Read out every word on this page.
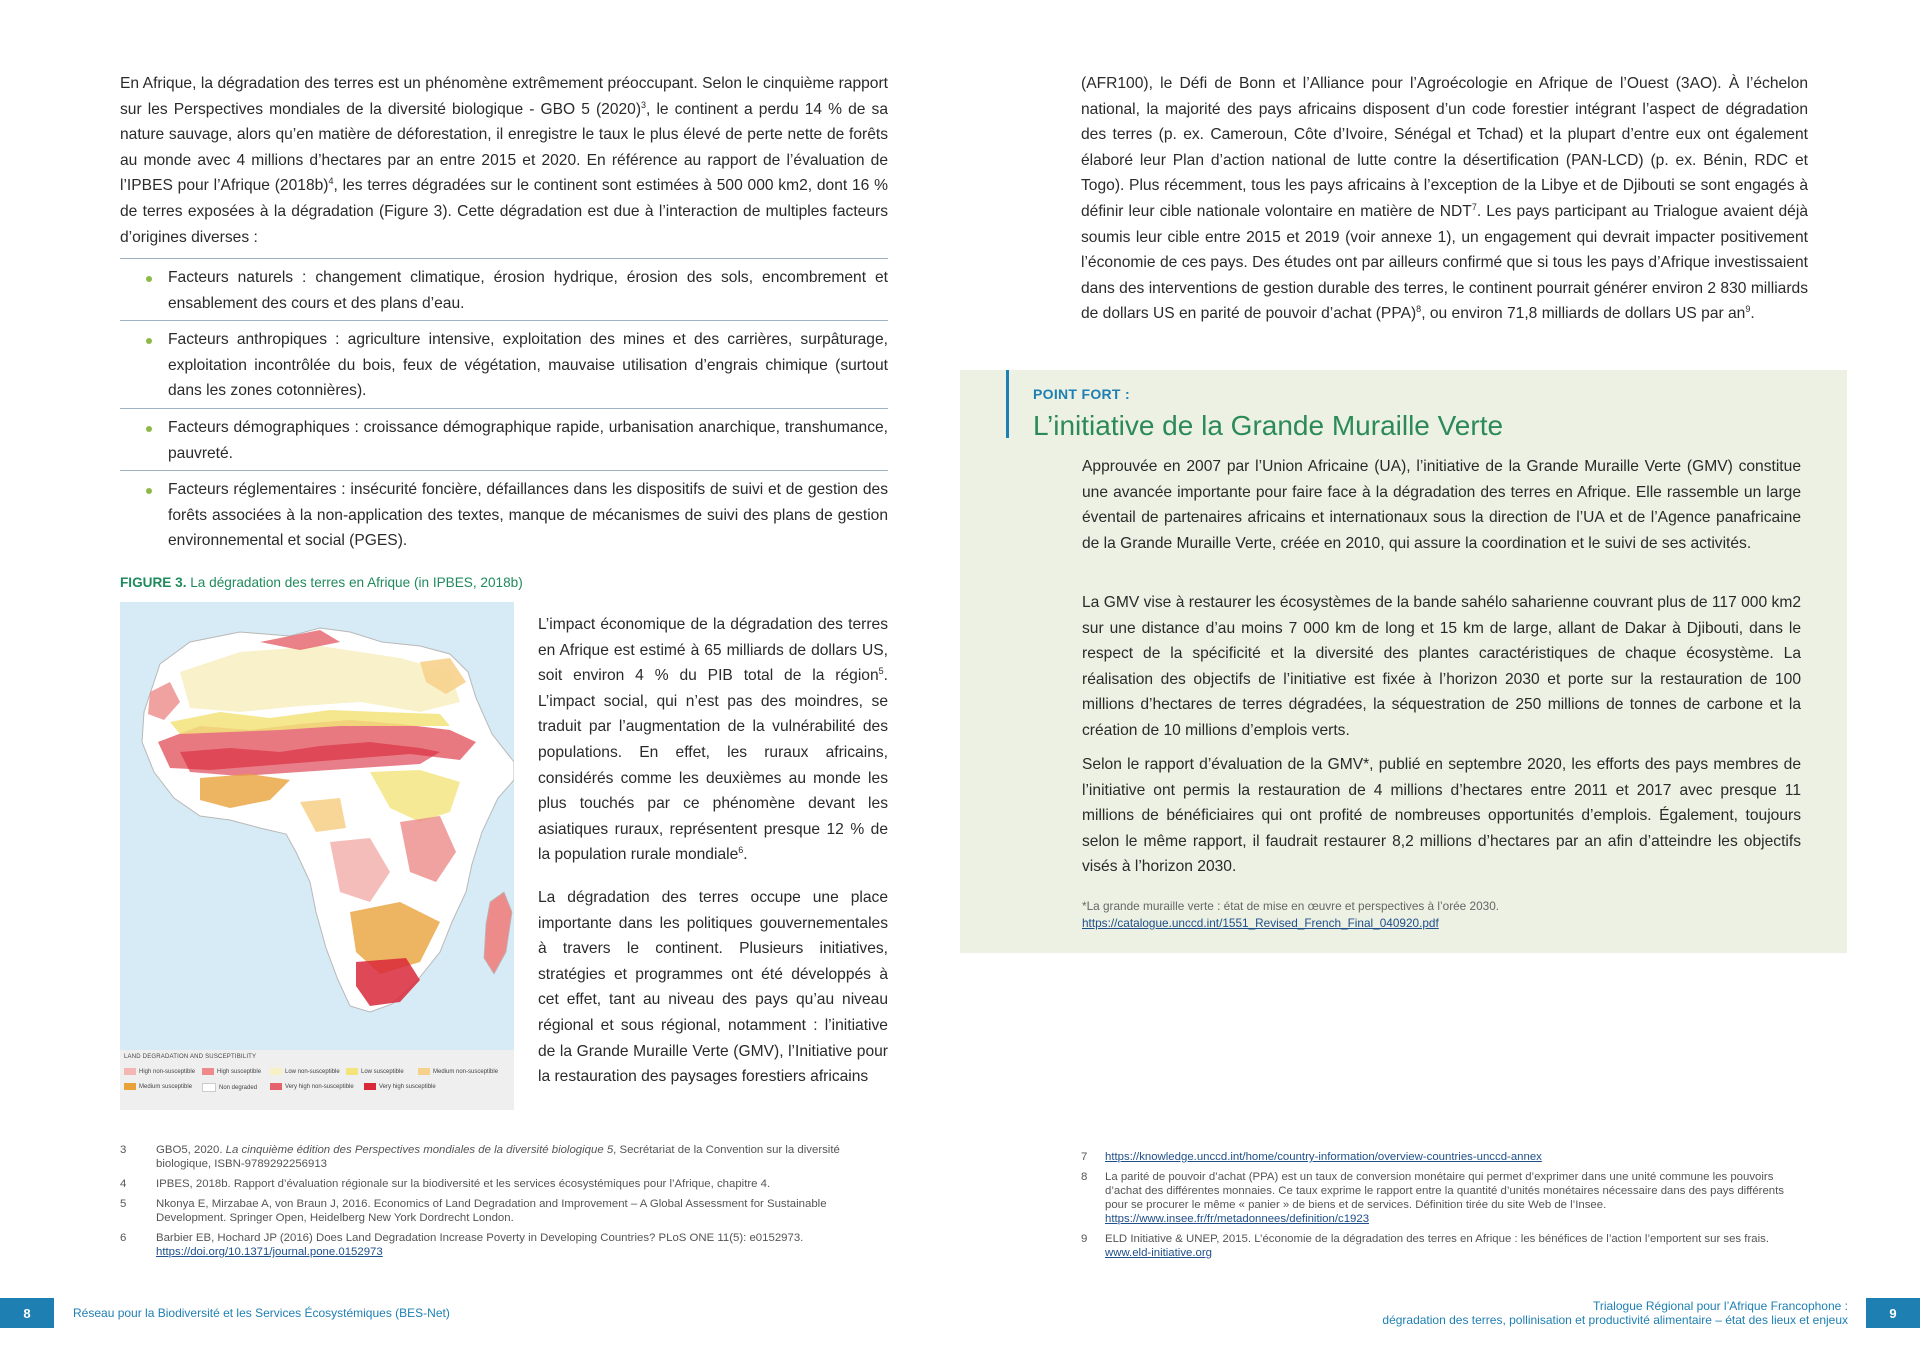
En Afrique, la dégradation des terres est un phénomène extrêmement préoccupant. Selon le cinquième rapport sur les Perspectives mondiales de la diversité biologique - GBO 5 $(2020)^3$, le continent a perdu 14 % de sa nature sauvage, alors qu’en matière de déforestation, il enregistre le taux le plus élevé de perte nette de forêts au monde avec 4 millions d’hectares par an entre 2015 et 2020. En référence au rapport de l’évaluation de l’IPBES pour l’Afrique $(2018b)^4$, les terres dégradées sur le continent sont estimées à 500 000 km2, dont 16 % de terres exposées à la dégradation (Figure 3). Cette dégradation est due à l’interaction de multiples facteurs d’origines diverses :

Facteurs naturels : changement climatique, érosion hydrique, érosion des sols, encombrement et ensablement des cours et des plans d’eau.
Facteurs anthropiques : agriculture intensive, exploitation des mines et des carrières, surpâturage, exploitation incontrôlée du bois, feux de végétation, mauvaise utilisation d’engrais chimique (surtout dans les zones cotonnières).
Facteurs démographiques : croissance démographique rapide, urbanisation anarchique, transhumance, pauvreté.
Facteurs réglementaires : insécurité foncière, défaillances dans les dispositifs de suivi et de gestion des forêts associées à la non-application des textes, manque de mécanismes de suivi des plans de gestion environnemental et social (PGES).

FIGURE 3. La dégradation des terres en Afrique (in IPBES, 2018b)

LAND DEGRADATION AND SUSCEPTIBILITY
High non-susceptible	High susceptible	Low non-susceptible	Low susceptible	Medium non-susceptible
Medium susceptible	Non degraded	Very high non-susceptible	Very high susceptible

L’impact économique de la dégradation des terres en Afrique est estimé à 65 milliards de dollars US, soit environ 4 % du PIB total de la région$^5$. L’impact social, qui n’est pas des moindres, se traduit par l’augmentation de la vulnérabilité des populations. En effet, les ruraux africains, considérés comme les deuxièmes au monde les plus touchés par ce phénomène devant les asiatiques ruraux, représentent presque 12 % de la population rurale mondiale$^6$.

La dégradation des terres occupe une place importante dans les politiques gouvernementales à travers le continent. Plusieurs initiatives, stratégies et programmes ont été développés à cet effet, tant au niveau des pays qu’au niveau régional et sous régional, notamment : l’initiative de la Grande Muraille Verte (GMV), l’Initiative pour la restauration des paysages forestiers africains

3	GBO5, 2020. La cinquième édition des Perspectives mondiales de la diversité biologique 5, Secrétariat de la Convention sur la diversité biologique, ISBN-9789292256913
4	IPBES, 2018b. Rapport d’évaluation régionale sur la biodiversité et les services écosystémiques pour l’Afrique, chapitre 4.
5	Nkonya E, Mirzabae A, von Braun J, 2016. Economics of Land Degradation and Improvement – A Global Assessment for Sustainable Development. Springer Open, Heidelberg New York Dordrecht London.
6	Barbier EB, Hochard JP (2016) Does Land Degradation Increase Poverty in Developing Countries? PLoS ONE 11(5): e0152973. https://doi.org/10.1371/journal.pone.0152973
8	Réseau pour la Biodiversité et les Services Écosystémiques (BES-Net)

(AFR100), le Défi de Bonn et l’Alliance pour l’Agroécologie en Afrique de l’Ouest (3AO). À l’échelon national, la majorité des pays africains disposent d’un code forestier intégrant l’aspect de dégradation des terres (p. ex. Cameroun, Côte d’Ivoire, Sénégal et Tchad) et la plupart d’entre eux ont également élaboré leur Plan d’action national de lutte contre la désertification (PAN-LCD) (p. ex. Bénin, RDC et Togo). Plus récemment, tous les pays africains à l’exception de la Libye et de Djibouti se sont engagés à définir leur cible nationale volontaire en matière de NDT$^7$. Les pays participant au Trialogue avaient déjà soumis leur cible entre 2015 et 2019 (voir annexe 1), un engagement qui devrait impacter positivement l’économie de ces pays. Des études ont par ailleurs confirmé que si tous les pays d’Afrique investissaient dans des interventions de gestion durable des terres, le continent pourrait générer environ 2 830 milliards de dollars US en parité de pouvoir d’achat (PPA)$^8$, ou environ 71,8 milliards de dollars US par $an^9$.

POINT FORT :
L’initiative de la Grande Muraille Verte

Approuvée en 2007 par l’Union Africaine (UA), l’initiative de la Grande Muraille Verte (GMV) constitue une avancée importante pour faire face à la dégradation des terres en Afrique. Elle rassemble un large éventail de partenaires africains et internationaux sous la direction de l’UA et de l’Agence panafricaine de la Grande Muraille Verte, créée en 2010, qui assure la coordination et le suivi de ses activités.

La GMV vise à restaurer les écosystèmes de la bande sahélo saharienne couvrant plus de 117 000 km2 sur une distance d’au moins 7 000 km de long et 15 km de large, allant de Dakar à Djibouti, dans le respect de la spécificité et la diversité des plantes caractéristiques de chaque écosystème. La réalisation des objectifs de l’initiative est fixée à l’horizon 2030 et porte sur la restauration de 100 millions d’hectares de terres dégradées, la séquestration de 250 millions de tonnes de carbone et la création de 10 millions d’emplois verts.

Selon le rapport d’évaluation de la GMV*, publié en septembre 2020, les efforts des pays membres de l’initiative ont permis la restauration de 4 millions d’hectares entre 2011 et 2017 avec presque 11 millions de bénéficiaires qui ont profité de nombreuses opportunités d’emplois. Également, toujours selon le même rapport, il faudrait restaurer 8,2 millions d’hectares par an afin d’atteindre les objectifs visés à l’horizon 2030.

*La grande muraille verte : état de mise en œuvre et perspectives à l’orée 2030. https://catalogue.unccd.int/1551_Revised_French_Final_040920.pdf
7 https://knowledge.unccd.int/home/country-information/overview-countries-unccd-annex
8 La parité de pouvoir d’achat (PPA) est un taux de conversion monétaire qui permet d’exprimer dans une unité commune les pouvoirs d’achat des différentes monnaies. Ce taux exprime le rapport entre la quantité d’unités monétaires nécessaire dans des pays différents pour se procurer le même « panier » de biens et de services. Définition tirée du site Web de l’Insee. https://www.insee.fr/fr/metadonnees/definition/c1923
9 ELD Initiative & UNEP, 2015. L’économie de la dégradation des terres en Afrique : les bénéfices de l’action l’emportent sur ses frais. www.eld-initiative.org
Trialogue Régional pour l’Afrique Francophone :
dégradation des terres, pollinisation et productivité alimentaire – état des lieux et enjeux	9
